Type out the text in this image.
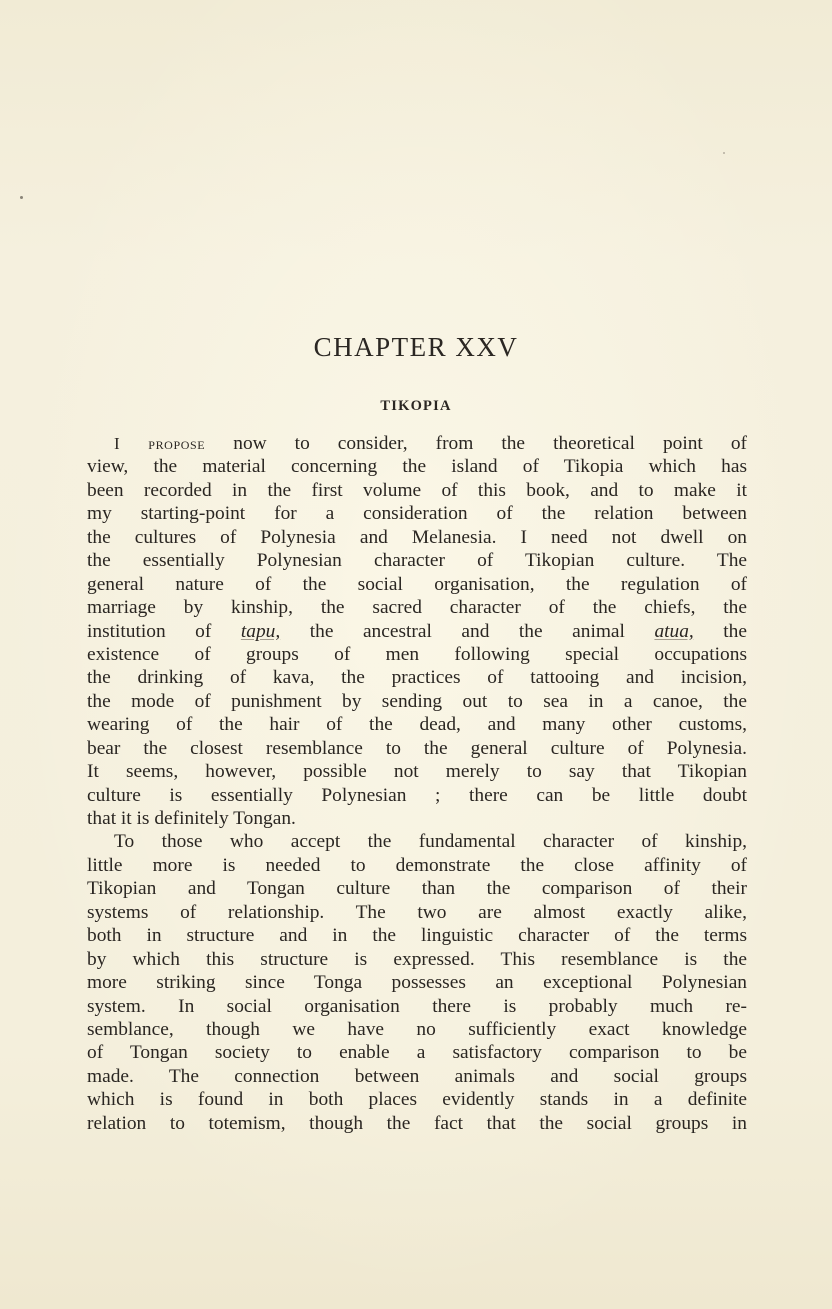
CHAPTER XXV
TIKOPIA
I propose now to consider, from the theoretical point of
view, the material concerning the island of Tikopia which has
been recorded in the first volume of this book, and to make it
my starting-point for a consideration of the relation between
the cultures of Polynesia and Melanesia. I need not dwell on
the essentially Polynesian character of Tikopian culture. The
general nature of the social organisation, the regulation of
marriage by kinship, the sacred character of the chiefs, the
institution of tapu, the ancestral and the animal atua, the
existence of groups of men following special occupations
the drinking of kava, the practices of tattooing and incision,
the mode of punishment by sending out to sea in a canoe, the
wearing of the hair of the dead, and many other customs,
bear the closest resemblance to the general culture of Polynesia.
It seems, however, possible not merely to say that Tikopian
culture is essentially Polynesian ; there can be little doubt
that it is definitely Tongan.
To those who accept the fundamental character of kinship,
little more is needed to demonstrate the close affinity of
Tikopian and Tongan culture than the comparison of their
systems of relationship. The two are almost exactly alike,
both in structure and in the linguistic character of the terms
by which this structure is expressed. This resemblance is the
more striking since Tonga possesses an exceptional Polynesian
system. In social organisation there is probably much re-
semblance, though we have no sufficiently exact knowledge
of Tongan society to enable a satisfactory comparison to be
made. The connection between animals and social groups
which is found in both places evidently stands in a definite
relation to totemism, though the fact that the social groups in
